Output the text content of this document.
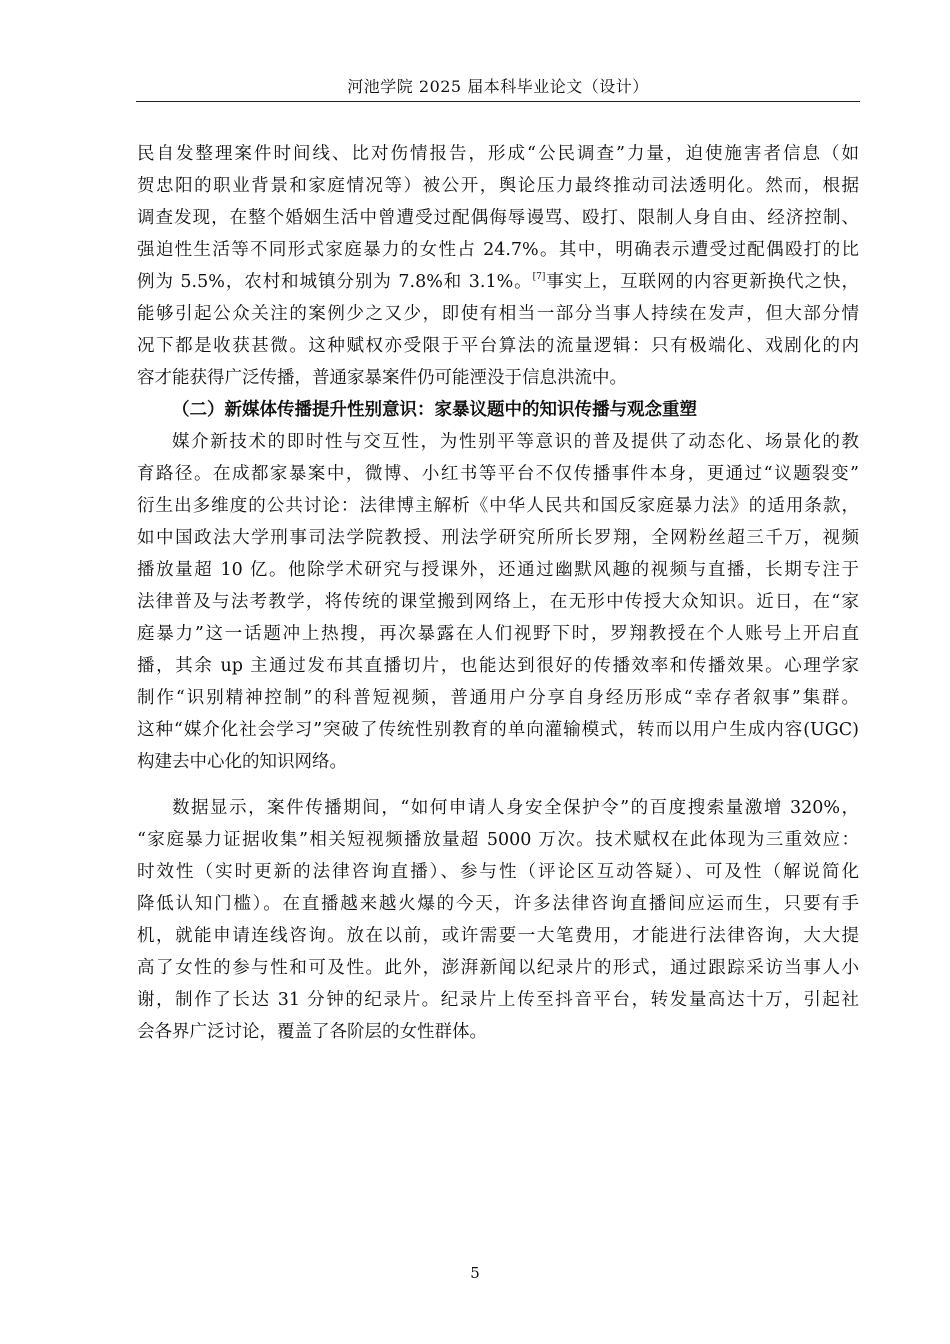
河池学院 2025 届本科毕业论文（设计）
民自发整理案件时间线、比对伤情报告，形成“公民调查”力量，迫使施害者信息（如
贺忠阳的职业背景和家庭情况等）被公开，舆论压力最终推动司法透明化。然而，根据
调查发现，在整个婚姻生活中曾遭受过配偶侮辱谩骂、殴打、限制人身自由、经济控制、
强迫性生活等不同形式家庭暴力的女性占 24.7%。其中，明确表示遭受过配偶殴打的比
例为 5.5%，农村和城镇分别为 7.8%和 3.1%。[7]事实上，互联网的内容更新换代之快，
能够引起公众关注的案例少之又少，即使有相当一部分当事人持续在发声，但大部分情
况下都是收获甚微。这种赋权亦受限于平台算法的流量逻辑：只有极端化、戏剧化的内
容才能获得广泛传播，普通家暴案件仍可能湮没于信息洪流中。
（二）新媒体传播提升性别意识：家暴议题中的知识传播与观念重塑
媒介新技术的即时性与交互性，为性别平等意识的普及提供了动态化、场景化的教
育路径。在成都家暴案中，微博、小红书等平台不仅传播事件本身，更通过“议题裂变”
衍生出多维度的公共讨论：法律博主解析《中华人民共和国反家庭暴力法》的适用条款，
如中国政法大学刑事司法学院教授、刑法学研究所所长罗翔，全网粉丝超三千万，视频
播放量超 10 亿。他除学术研究与授课外，还通过幽默风趣的视频与直播，长期专注于
法律普及与法考教学，将传统的课堂搬到网络上，在无形中传授大众知识。近日，在“家
庭暴力”这一话题冲上热搜，再次暴露在人们视野下时，罗翔教授在个人账号上开启直
播，其余 up 主通过发布其直播切片，也能达到很好的传播效率和传播效果。心理学家
制作“识别精神控制”的科普短视频，普通用户分享自身经历形成“幸存者叙事”集群。
这种“媒介化社会学习”突破了传统性别教育的单向灌输模式，转而以用户生成内容(UGC)
构建去中心化的知识网络。
数据显示，案件传播期间，“如何申请人身安全保护令”的百度搜索量激增 320%，
“家庭暴力证据收集”相关短视频播放量超 5000 万次。技术赋权在此体现为三重效应：
时效性（实时更新的法律咨询直播）、参与性（评论区互动答疑）、可及性（解说简化
降低认知门槛）。在直播越来越火爆的今天，许多法律咨询直播间应运而生，只要有手
机，就能申请连线咨询。放在以前，或许需要一大笔费用，才能进行法律咨询，大大提
高了女性的参与性和可及性。此外，澎湃新闻以纪录片的形式，通过跟踪采访当事人小
谢，制作了长达 31 分钟的纪录片。纪录片上传至抖音平台，转发量高达十万，引起社
会各界广泛讨论，覆盖了各阶层的女性群体。
5
